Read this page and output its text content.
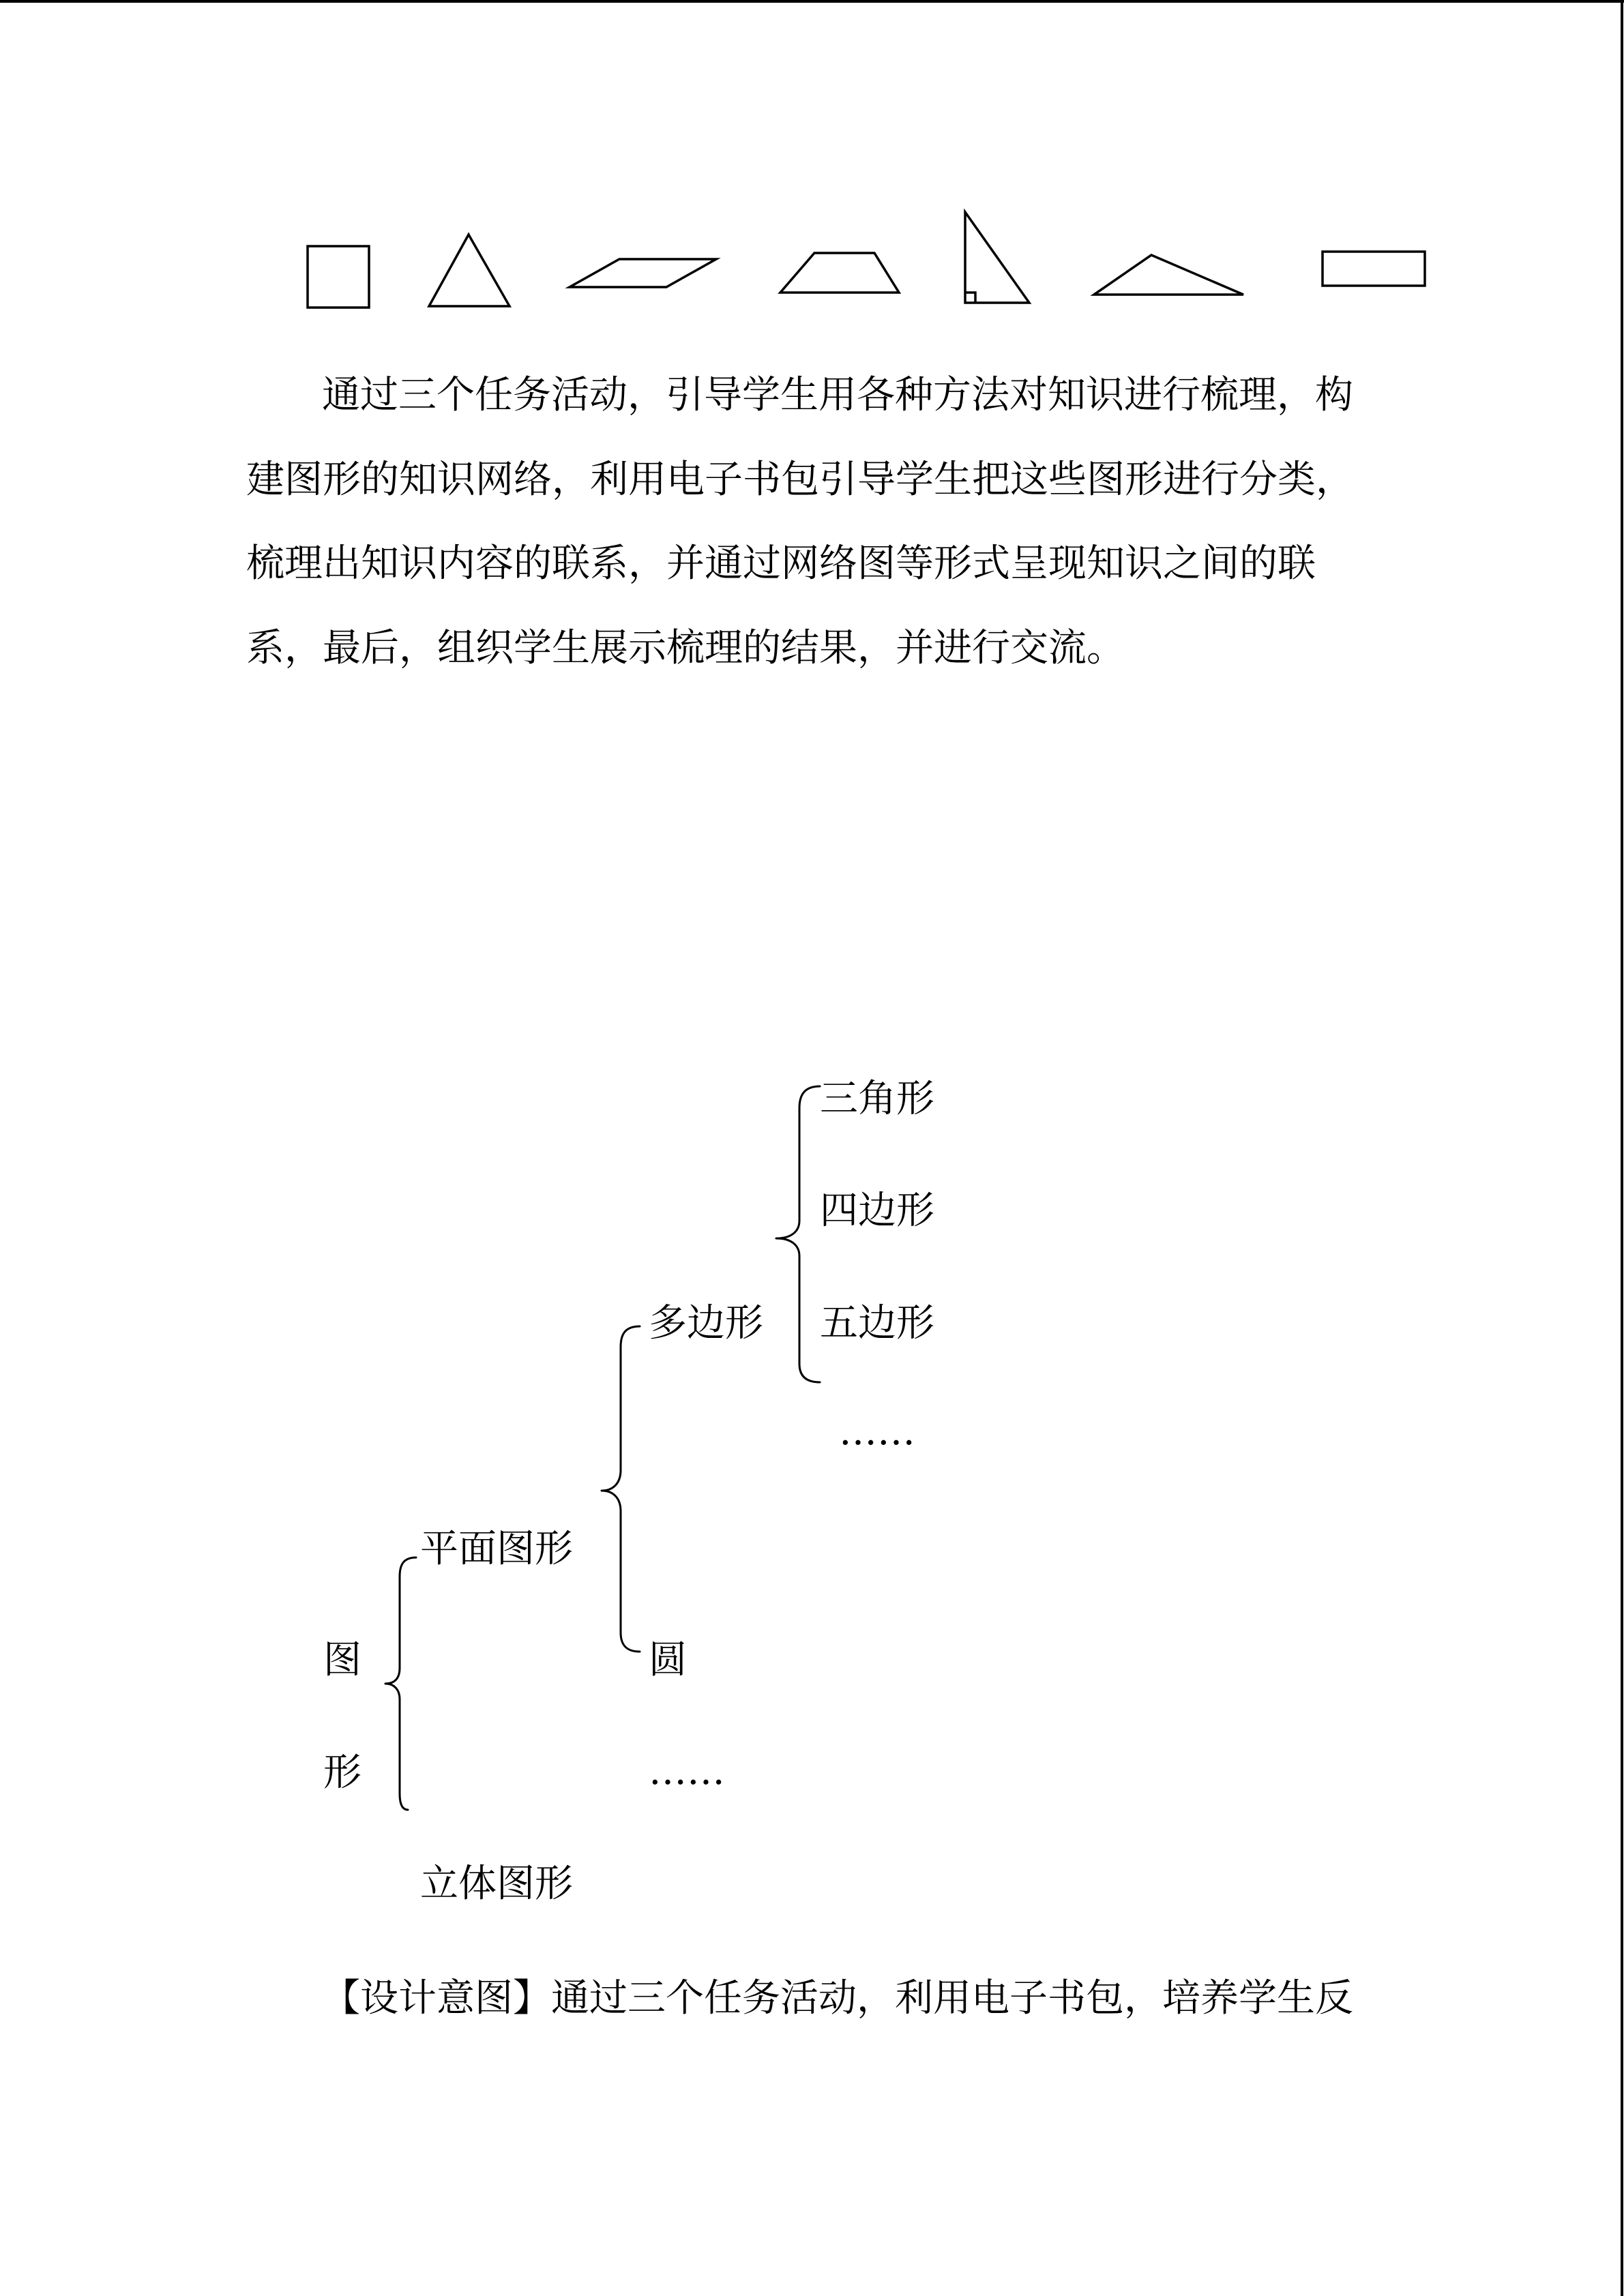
通过三个任务活动，引导学生用各种方法对知识进行梳理，构
建图形的知识网络，利用电子书包引导学生把这些图形进行分类，
梳理出知识内容的联系，并通过网络图等形式呈现知识之间的联
系，最后，组织学生展示梳理的结果，并进行交流。
三角形
四边形
五边形
……
多边形
圆
……
平面图形
立体图形
图
形
【设计意图】通过三个任务活动，利用电子书包，培养学生反
